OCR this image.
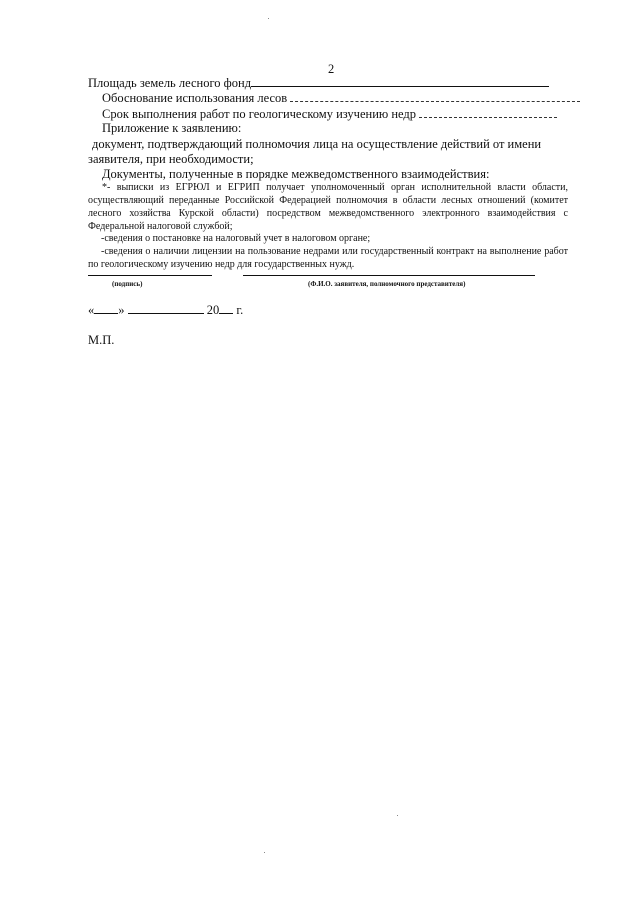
2
Площадь земель лесного фонд
Обоснование использования лесов
Срок выполнения работ по геологическому изучению недр
Приложение к заявлению:
документ, подтверждающий полномочия лица на осуществление действий от имени
заявителя, при необходимости;
Документы, полученные в порядке межведомственного взаимодействия:
*- выписки из ЕГРЮЛ и ЕГРИП получает уполномоченный орган исполнительной власти области, осуществляющий переданные Российской Федерацией полномочия в области лесных отношений (комитет лесного хозяйства Курской области) посредством межведомственного электронного взаимодействия с Федеральной налоговой службой;
-сведения о постановке на налоговый учет в налоговом органе;
-сведения о наличии лицензии на пользование недрами или государственный контракт на выполнение работ по геологическому изучению недр для государственных нужд.
(подпись)	(Ф.И.О. заявителя, полномочного представителя)
« »	20 г.
М.П.
